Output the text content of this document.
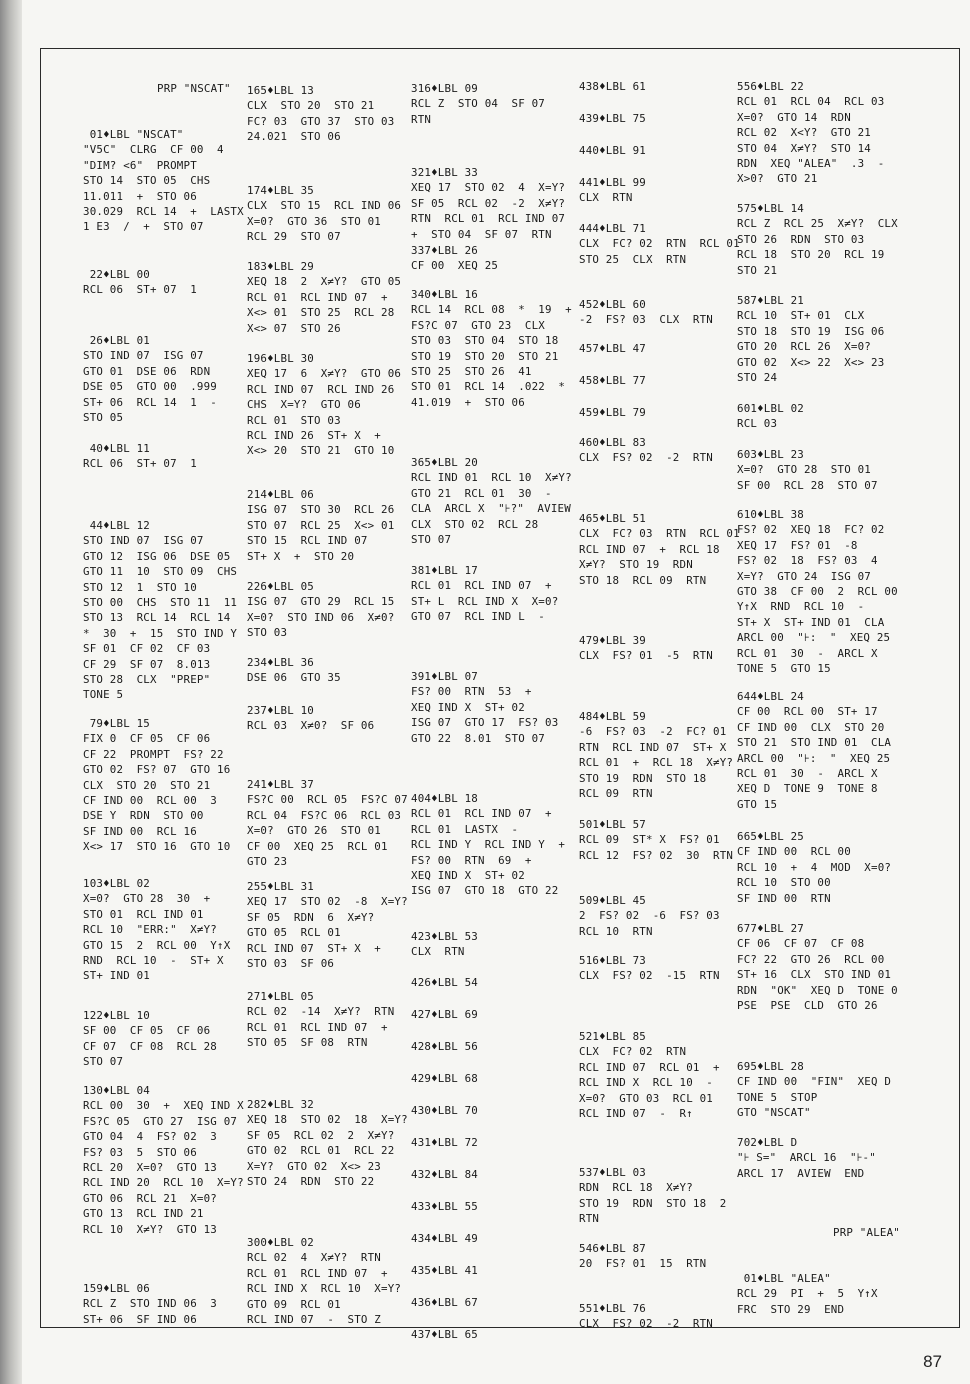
PRP "NSCAT"
01♦LBL "NSCAT"
"V5C"  CLRG  CF 00  4
"DIM? <6"  PROMPT
STO 14  STO 05  CHS
11.011  +  STO 06
30.029  RCL 14  +  LASTX
1 E3  /  +  STO 07
22♦LBL 00
RCL 06  ST+ 07  1
26♦LBL 01
STO IND 07  ISG 07
GTO 01  DSE 06  RDN
DSE 05  GTO 00  .999
ST+ 06  RCL 14  1  -
STO 05
40♦LBL 11
RCL 06  ST+ 07  1
44♦LBL 12
STO IND 07  ISG 07
GTO 12  ISG 06  DSE 05
GTO 11  10  STO 09  CHS
STO 12  1  STO 10
STO 00  CHS  STO 11  11
STO 13  RCL 14  RCL 14
*  30  +  15  STO IND Y
SF 01  CF 02  CF 03
CF 29  SF 07  8.013
STO 28  CLX  "PREP"
TONE 5
79♦LBL 15
FIX 0  CF 05  CF 06
CF 22  PROMPT  FS? 22
GTO 02  FS? 07  GTO 16
CLX  STO 20  STO 21
CF IND 00  RCL 00  3
DSE Y  RDN  STO 00
SF IND 00  RCL 16
X<> 17  STO 16  GTO 10
103♦LBL 02
X=0?  GTO 28  30  +
STO 01  RCL IND 01
RCL 10  "ERR:"  X≠Y?
GTO 15  2  RCL 00  Y↑X
RND  RCL 10  -  ST+ X
ST+ IND 01
122♦LBL 10
SF 00  CF 05  CF 06
CF 07  CF 08  RCL 28
STO 07
130♦LBL 04
RCL 00  30  +  XEQ IND X
FS?C 05  GTO 27  ISG 07
GTO 04  4  FS? 02  3
FS? 03  5  STO 06
RCL 20  X=0?  GTO 13
RCL IND 20  RCL 10  X=Y?
GTO 06  RCL 21  X=0?
GTO 13  RCL IND 21
RCL 10  X≠Y?  GTO 13
159♦LBL 06
RCL Z  STO IND 06  3
ST+ 06  SF IND 06
165♦LBL 13
CLX  STO 20  STO 21
FC? 03  GTO 37  STO 03
24.021  STO 06
174♦LBL 35
CLX  STO 15  RCL IND 06
X=0?  GTO 36  STO 01
RCL 29  STO 07
183♦LBL 29
XEQ 18  2  X≠Y?  GTO 05
RCL 01  RCL IND 07  +
X<> 01  STO 25  RCL 28
X<> 07  STO 26
196♦LBL 30
XEQ 17  6  X≠Y?  GTO 06
RCL IND 07  RCL IND 26
CHS  X=Y?  GTO 06
RCL 01  STO 03
RCL IND 26  ST+ X  +
X<> 20  STO 21  GTO 10
214♦LBL 06
ISG 07  STO 30  RCL 26
STO 07  RCL 25  X<> 01
STO 15  RCL IND 07
ST+ X  +  STO 20
226♦LBL 05
ISG 07  GTO 29  RCL 15
X=0?  STO IND 06  X≠0?
STO 03
234♦LBL 36
DSE 06  GTO 35
237♦LBL 10
RCL 03  X≠0?  SF 06
241♦LBL 37
FS?C 00  RCL 05  FS?C 07
RCL 04  FS?C 06  RCL 03
X=0?  GTO 26  STO 01
CF 00  XEQ 25  RCL 01
GTO 23
255♦LBL 31
XEQ 17  STO 02  -8  X=Y?
SF 05  RDN  6  X≠Y?
GTO 05  RCL 01
RCL IND 07  ST+ X  +
STO 03  SF 06
271♦LBL 05
RCL 02  -14  X≠Y?  RTN
RCL 01  RCL IND 07  +
STO 05  SF 08  RTN
282♦LBL 32
XEQ 18  STO 02  18  X=Y?
SF 05  RCL 02  2  X≠Y?
GTO 02  RCL 01  RCL 22
X=Y?  GTO 02  X<> 23
STO 24  RDN  STO 22
300♦LBL 02
RCL 02  4  X≠Y?  RTN
RCL 01  RCL IND 07  +
RCL IND X  RCL 10  X=Y?
GTO 09  RCL 01
RCL IND 07  -  STO Z
316♦LBL 09
RCL Z  STO 04  SF 07
RTN
321♦LBL 33
XEQ 17  STO 02  4  X=Y?
SF 05  RCL 02  -2  X≠Y?
RTN  RCL 01  RCL IND 07
+  STO 04  SF 07  RTN
337♦LBL 26
CF 00  XEQ 25
340♦LBL 16
RCL 14  RCL 08  *  19  +
FS?C 07  GTO 23  CLX
STO 03  STO 04  STO 18
STO 19  STO 20  STO 21
STO 25  STO 26  41
STO 01  RCL 14  .022  *
41.019  +  STO 06
365♦LBL 20
RCL IND 01  RCL 10  X≠Y?
GTO 21  RCL 01  30  -
CLA  ARCL X  "⊦?"  AVIEW
CLX  STO 02  RCL 28
STO 07
381♦LBL 17
RCL 01  RCL IND 07  +
ST+ L  RCL IND X  X=0?
GTO 07  RCL IND L  -
391♦LBL 07
FS? 00  RTN  53  +
XEQ IND X  ST+ 02
ISG 07  GTO 17  FS? 03
GTO 22  8.01  STO 07
404♦LBL 18
RCL 01  RCL IND 07  +
RCL 01  LASTX  -
RCL IND Y  RCL IND Y  +
FS? 00  RTN  69  +
XEQ IND X  ST+ 02
ISG 07  GTO 18  GTO 22
423♦LBL 53
CLX  RTN
426♦LBL 54
427♦LBL 69
428♦LBL 56
429♦LBL 68
430♦LBL 70
431♦LBL 72
432♦LBL 84
433♦LBL 55
434♦LBL 49
435♦LBL 41
436♦LBL 67
437♦LBL 65
438♦LBL 61
439♦LBL 75
440♦LBL 91
441♦LBL 99
CLX  RTN
444♦LBL 71
CLX  FC? 02  RTN  RCL 01
STO 25  CLX  RTN
452♦LBL 60
-2  FS? 03  CLX  RTN
457♦LBL 47
458♦LBL 77
459♦LBL 79
460♦LBL 83
CLX  FS? 02  -2  RTN
465♦LBL 51
CLX  FC? 03  RTN  RCL 01
RCL IND 07  +  RCL 18
X≠Y?  STO 19  RDN
STO 18  RCL 09  RTN
479♦LBL 39
CLX  FS? 01  -5  RTN
484♦LBL 59
-6  FS? 03  -2  FC? 01
RTN  RCL IND 07  ST+ X
RCL 01  +  RCL 18  X≠Y?
STO 19  RDN  STO 18
RCL 09  RTN
501♦LBL 57
RCL 09  ST* X  FS? 01
RCL 12  FS? 02  30  RTN
509♦LBL 45
2  FS? 02  -6  FS? 03
RCL 10  RTN
516♦LBL 73
CLX  FS? 02  -15  RTN
521♦LBL 85
CLX  FC? 02  RTN
RCL IND 07  RCL 01  +
RCL IND X  RCL 10  -
X=0?  GTO 03  RCL 01
RCL IND 07  -  R↑
537♦LBL 03
RDN  RCL 18  X≠Y?
STO 19  RDN  STO 18  2
RTN
546♦LBL 87
20  FS? 01  15  RTN
551♦LBL 76
CLX  FS? 02  -2  RTN
556♦LBL 22
RCL 01  RCL 04  RCL 03
X=0?  GTO 14  RDN
RCL 02  X<Y?  GTO 21
STO 04  X≠Y?  STO 14
RDN  XEQ "ALEA"  .3  -
X>0?  GTO 21
575♦LBL 14
RCL Z  RCL 25  X≠Y?  CLX
STO 26  RDN  STO 03
RCL 18  STO 20  RCL 19
STO 21
587♦LBL 21
RCL 10  ST+ 01  CLX
STO 18  STO 19  ISG 06
GTO 20  RCL 26  X=0?
GTO 02  X<> 22  X<> 23
STO 24
601♦LBL 02
RCL 03
603♦LBL 23
X=0?  GTO 28  STO 01
SF 00  RCL 28  STO 07
610♦LBL 38
FS? 02  XEQ 18  FC? 02
XEQ 17  FS? 01  -8
FS? 02  18  FS? 03  4
X=Y?  GTO 24  ISG 07
GTO 38  CF 00  2  RCL 00
Y↑X  RND  RCL 10  -
ST+ X  ST+ IND 01  CLA
ARCL 00  "⊦:  "  XEQ 25
RCL 01  30  -  ARCL X
TONE 5  GTO 15
644♦LBL 24
CF 00  RCL 00  ST+ 17
CF IND 00  CLX  STO 20
STO 21  STO IND 01  CLA
ARCL 00  "⊦:  "  XEQ 25
RCL 01  30  -  ARCL X
XEQ D  TONE 9  TONE 8
GTO 15
665♦LBL 25
CF IND 00  RCL 00
RCL 10  +  4  MOD  X=0?
RCL 10  STO 00
SF IND 00  RTN
677♦LBL 27
CF 06  CF 07  CF 08
FC? 22  GTO 26  RCL 00
ST+ 16  CLX  STO IND 01
RDN  "OK"  XEQ D  TONE 0
PSE  PSE  CLD  GTO 26
695♦LBL 28
CF IND 00  "FIN"  XEQ D
TONE 5  STOP
GTO "NSCAT"
702♦LBL D
"⊦ S="  ARCL 16  "⊦-"
ARCL 17  AVIEW  END
PRP "ALEA"
01♦LBL "ALEA"
RCL 29  PI  +  5  Y↑X
FRC  STO 29  END
87
